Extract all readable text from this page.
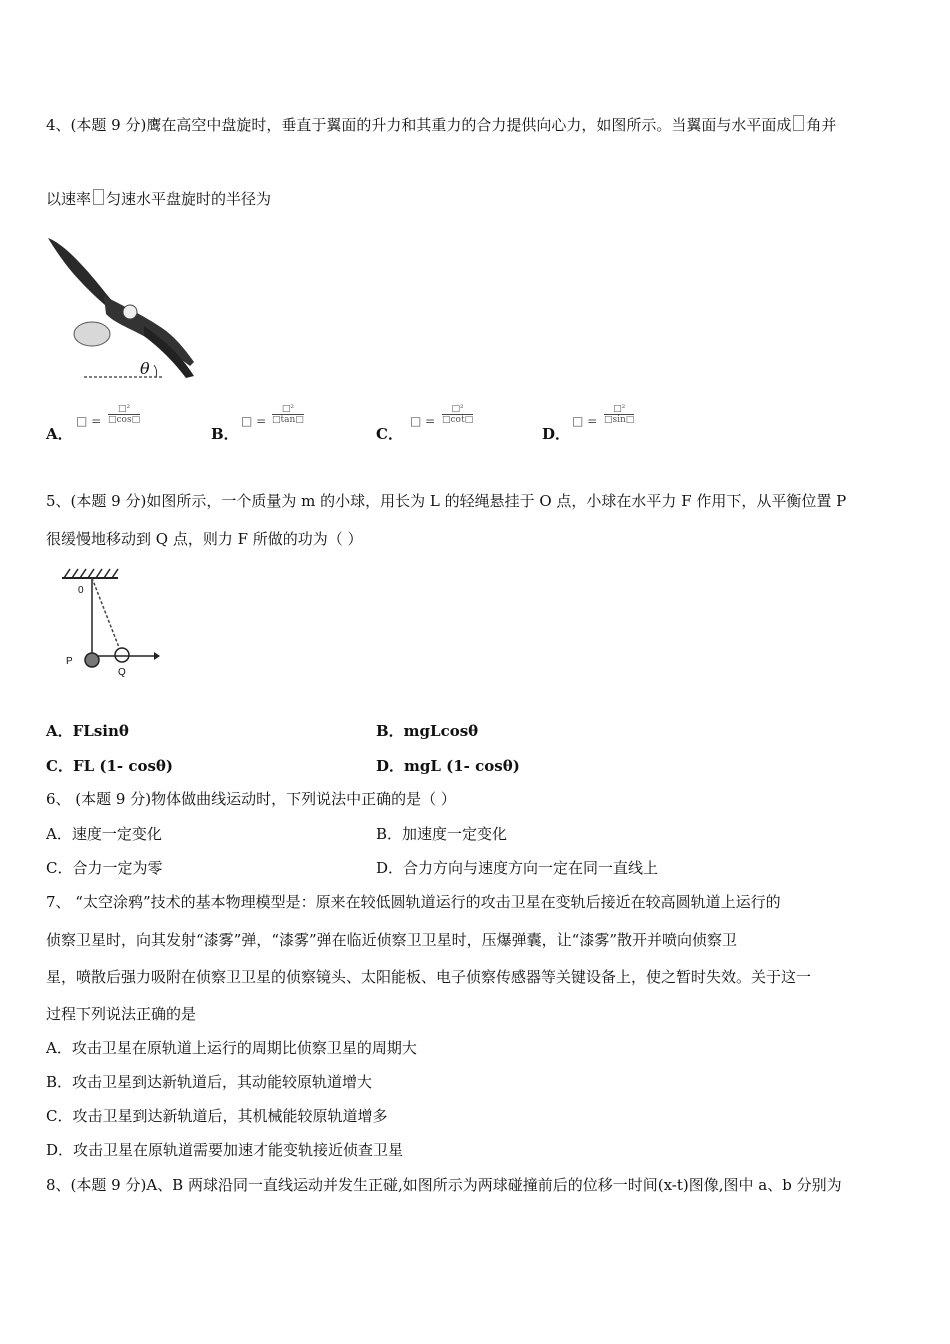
4、(本题 9 分)鹰在高空中盘旋时，垂直于翼面的升力和其重力的合力提供向心力，如图所示。当翼面与水平面成 角并
以速率 匀速水平盘旋时的半径为
θ
A．
□ =
□²
□cos□
B．
□ =
□²
□tan□
C．
□ =
□²
□cot□
D．
□ =
□²
□sin□
5、(本题 9 分)如图所示，一个质量为 m 的小球，用长为 L 的轻绳悬挂于 O 点，小球在水平力 F 作用下，从平衡位置 P
很缓慢地移动到 Q 点，则力 F 所做的功为（ ）
0
P
Q
A．FLsinθ	B．mgLcosθ
C．FL (1- cosθ)	D．mgL (1- cosθ)
6、 (本题 9 分)物体做曲线运动时，下列说法中正确的是（ ）
A．速度一定变化	B．加速度一定变化
C．合力一定为零	D．合力方向与速度方向一定在同一直线上
7、 “太空涂鸦”技术的基本物理模型是：原来在较低圆轨道运行的攻击卫星在变轨后接近在较高圆轨道上运行的
侦察卫星时，向其发射“漆雾”弹，“漆雾”弹在临近侦察卫卫星时，压爆弹囊，让“漆雾”散开并喷向侦察卫
星，喷散后强力吸附在侦察卫卫星的侦察镜头、太阳能板、电子侦察传感器等关键设备上，使之暂时失效。关于这一
过程下列说法正确的是
A．攻击卫星在原轨道上运行的周期比侦察卫星的周期大
B．攻击卫星到达新轨道后，其动能较原轨道增大
C．攻击卫星到达新轨道后，其机械能较原轨道增多
D．攻击卫星在原轨道需要加速才能变轨接近侦查卫星
8、(本题 9 分)A、B 两球沿同一直线运动并发生正碰,如图所示为两球碰撞前后的位移一时间(x-t)图像,图中 a、b 分别为
